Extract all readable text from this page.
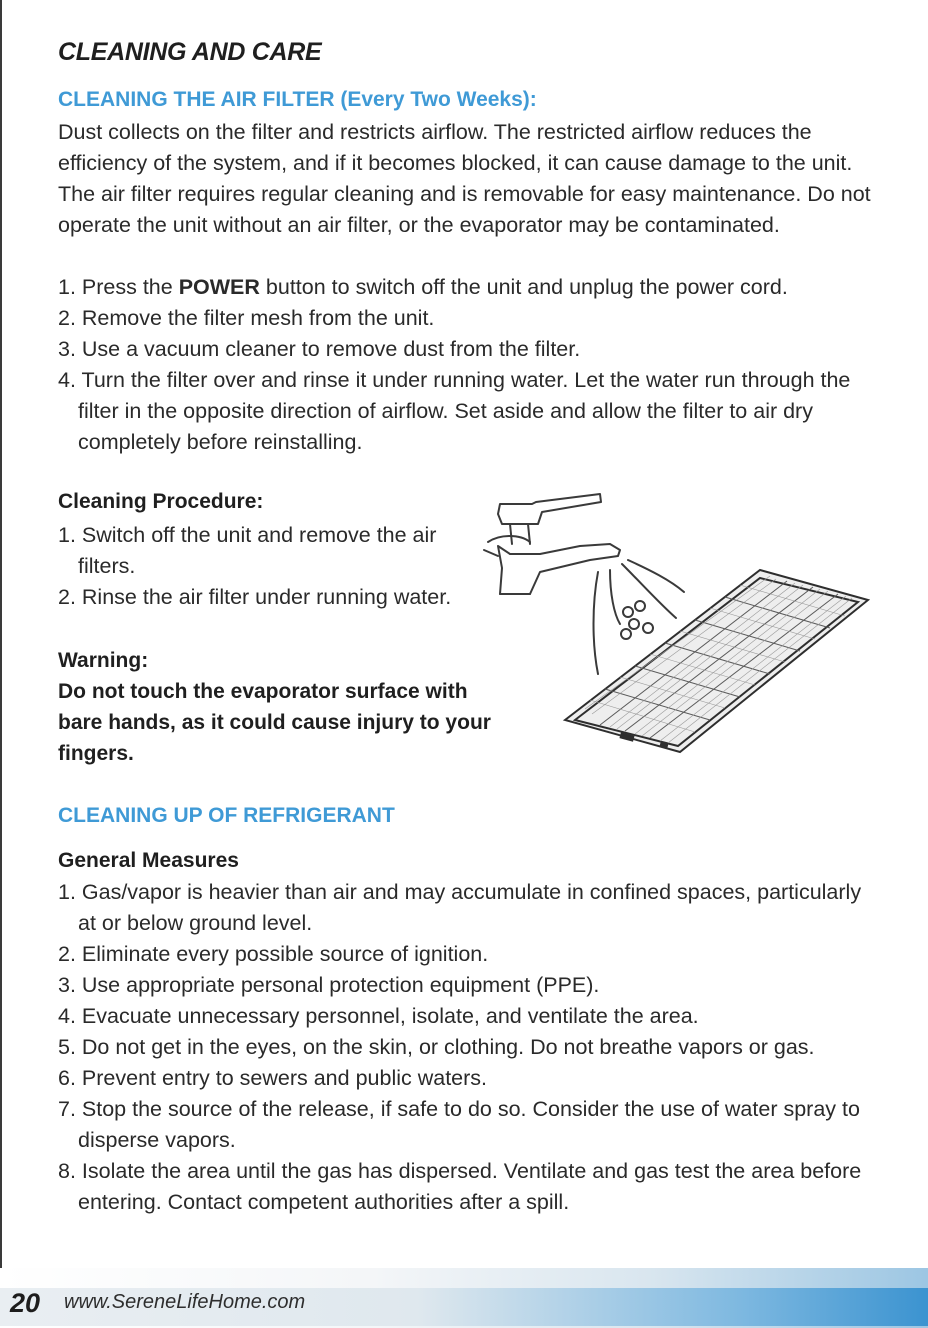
CLEANING AND CARE
CLEANING THE AIR FILTER (Every Two Weeks):

Dust collects on the filter and restricts airflow. The restricted airflow reduces the efficiency of the system, and if it becomes blocked, it can cause damage to the unit. The air filter requires regular cleaning and is removable for easy maintenance. Do not operate the unit without an air filter, or the evaporator may be contaminated.

1. Press the POWER button to switch off the unit and unplug the power cord.
2. Remove the filter mesh from the unit.
3. Use a vacuum cleaner to remove dust from the filter.
4. Turn the filter over and rinse it under running water. Let the water run through the filter in the opposite direction of airflow. Set aside and allow the filter to air dry completely before reinstalling.
Cleaning Procedure:
1. Switch off the unit and remove the air filters.
2. Rinse the air filter under running water.
Warning:

Do not touch the evaporator surface with bare hands, as it could cause injury to your fingers.

CLEANING UP OF REFRIGERANT
General Measures
1. Gas/vapor is heavier than air and may accumulate in confined spaces, particularly at or below ground level.
2. Eliminate every possible source of ignition.
3. Use appropriate personal protection equipment (PPE).
4. Evacuate unnecessary personnel, isolate, and ventilate the area.
5. Do not get in the eyes, on the skin, or clothing. Do not breathe vapors or gas.
6. Prevent entry to sewers and public waters.
7. Stop the source of the release, if safe to do so. Consider the use of water spray to disperse vapors.
8. Isolate the area until the gas has dispersed. Ventilate and gas test the area before entering. Contact competent authorities after a spill.
20 www.SereneLifeHome.com
